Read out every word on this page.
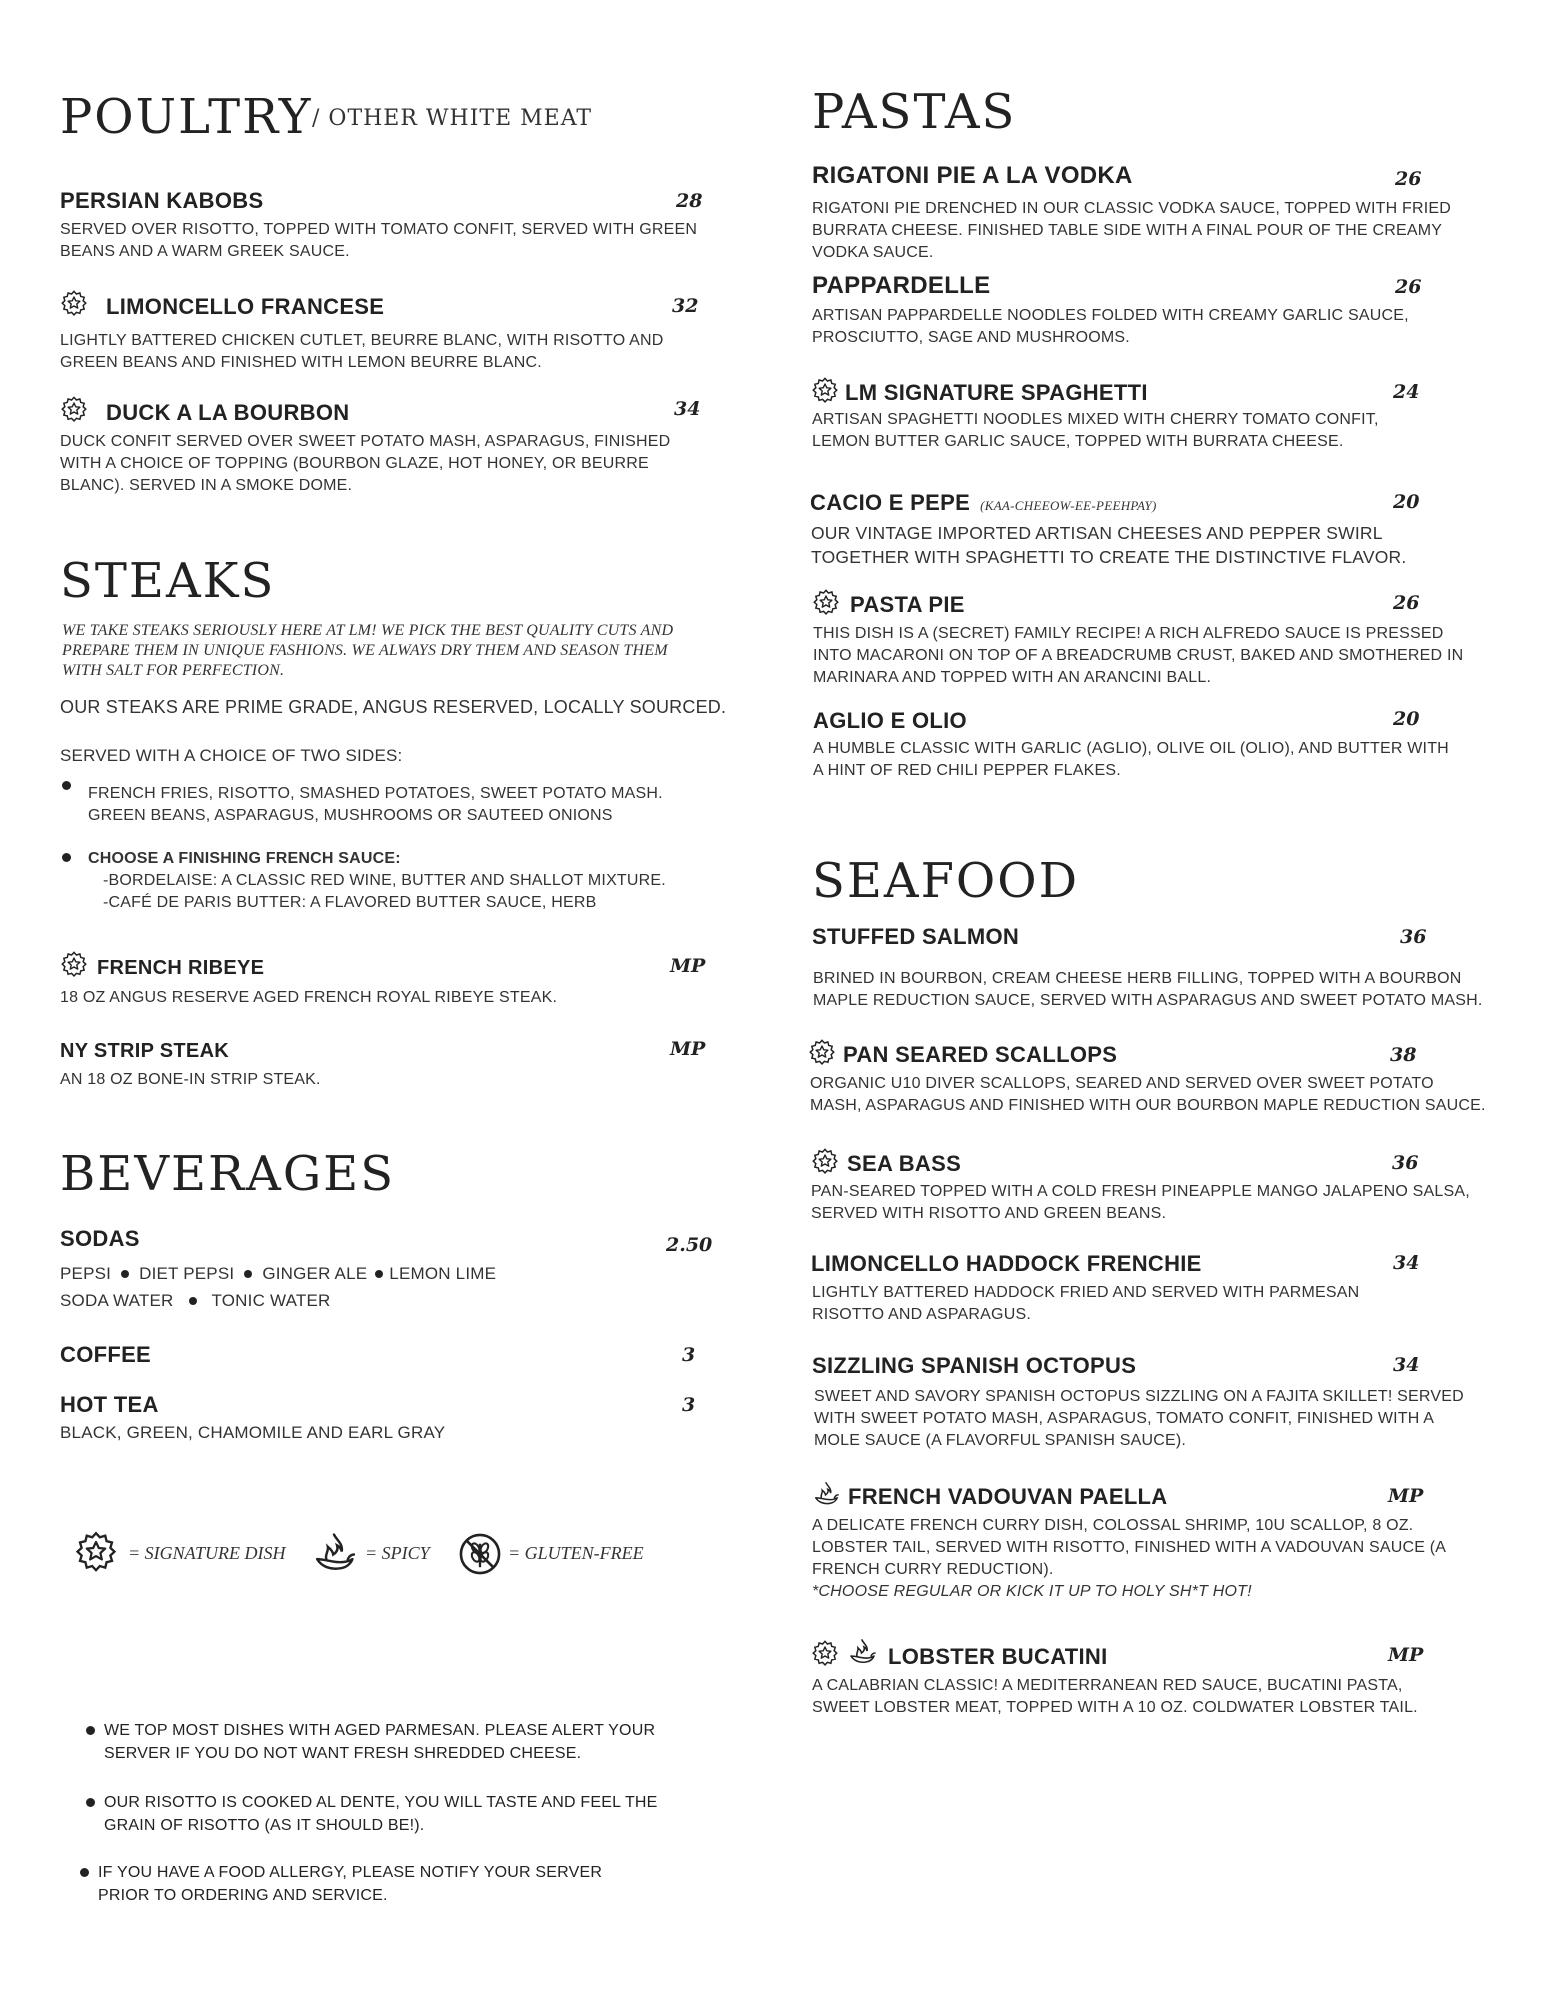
POULTRY / OTHER WHITE MEAT
PERSIAN KABOBS	28
SERVED OVER RISOTTO, TOPPED WITH TOMATO CONFIT, SERVED WITH GREEN BEANS AND A WARM GREEK SAUCE.
LIMONCELLO FRANCESE	32
LIGHTLY BATTERED CHICKEN CUTLET, BEURRE BLANC, WITH RISOTTO AND GREEN BEANS AND FINISHED WITH LEMON BEURRE BLANC.
DUCK A LA BOURBON	34
DUCK CONFIT SERVED OVER SWEET POTATO MASH, ASPARAGUS, FINISHED WITH A CHOICE OF TOPPING (BOURBON GLAZE, HOT HONEY, OR BEURRE BLANC). SERVED IN A SMOKE DOME.
STEAKS
WE TAKE STEAKS SERIOUSLY HERE AT LM! WE PICK THE BEST QUALITY CUTS AND PREPARE THEM IN UNIQUE FASHIONS. WE ALWAYS DRY THEM AND SEASON THEM WITH SALT FOR PERFECTION.
OUR STEAKS ARE PRIME GRADE, ANGUS RESERVED, LOCALLY SOURCED.
SERVED WITH A CHOICE OF TWO SIDES:
FRENCH FRIES, RISOTTO, SMASHED POTATOES, SWEET POTATO MASH. GREEN BEANS, ASPARAGUS, MUSHROOMS OR SAUTEED ONIONS
CHOOSE A FINISHING FRENCH SAUCE:
-BORDELAISE: A CLASSIC RED WINE, BUTTER AND SHALLOT MIXTURE.
-CAFÉ DE PARIS BUTTER: A FLAVORED BUTTER SAUCE, HERB
FRENCH RIBEYE	MP
18 OZ ANGUS RESERVE AGED FRENCH ROYAL RIBEYE STEAK.
NY STRIP STEAK	MP
AN 18 OZ BONE-IN STRIP STEAK.
BEVERAGES
SODAS	2.50
PEPSI DIET PEPSI GINGER ALE LEMON LIME
SODA WATER TONIC WATER
COFFEE	3
HOT TEA	3
BLACK, GREEN, CHAMOMILE AND EARL GRAY
= SIGNATURE DISH	= SPICY	= GLUTEN-FREE
WE TOP MOST DISHES WITH AGED PARMESAN. PLEASE ALERT YOUR SERVER IF YOU DO NOT WANT FRESH SHREDDED CHEESE.
OUR RISOTTO IS COOKED AL DENTE, YOU WILL TASTE AND FEEL THE GRAIN OF RISOTTO (AS IT SHOULD BE!).
IF YOU HAVE A FOOD ALLERGY, PLEASE NOTIFY YOUR SERVER PRIOR TO ORDERING AND SERVICE.
PASTAS
RIGATONI PIE A LA VODKA	26
RIGATONI PIE DRENCHED IN OUR CLASSIC VODKA SAUCE, TOPPED WITH FRIED BURRATA CHEESE. FINISHED TABLE SIDE WITH A FINAL POUR OF THE CREAMY VODKA SAUCE.
PAPPARDELLE	26
ARTISAN PAPPARDELLE NOODLES FOLDED WITH CREAMY GARLIC SAUCE, PROSCIUTTO, SAGE AND MUSHROOMS.
LM SIGNATURE SPAGHETTI	24
ARTISAN SPAGHETTI NOODLES MIXED WITH CHERRY TOMATO CONFIT, LEMON BUTTER GARLIC SAUCE, TOPPED WITH BURRATA CHEESE.
CACIO E PEPE (KAA-CHEEOW-EE-PEEHPAY)	20
OUR VINTAGE IMPORTED ARTISAN CHEESES AND PEPPER SWIRL TOGETHER WITH SPAGHETTI TO CREATE THE DISTINCTIVE FLAVOR.
PASTA PIE	26
THIS DISH IS A (SECRET) FAMILY RECIPE! A RICH ALFREDO SAUCE IS PRESSED INTO MACARONI ON TOP OF A BREADCRUMB CRUST, BAKED AND SMOTHERED IN MARINARA AND TOPPED WITH AN ARANCINI BALL.
AGLIO E OLIO	20
A HUMBLE CLASSIC WITH GARLIC (AGLIO), OLIVE OIL (OLIO), AND BUTTER WITH A HINT OF RED CHILI PEPPER FLAKES.
SEAFOOD
STUFFED SALMON	36
BRINED IN BOURBON, CREAM CHEESE HERB FILLING, TOPPED WITH A BOURBON MAPLE REDUCTION SAUCE, SERVED WITH ASPARAGUS AND SWEET POTATO MASH.
PAN SEARED SCALLOPS	38
ORGANIC U10 DIVER SCALLOPS, SEARED AND SERVED OVER SWEET POTATO MASH, ASPARAGUS AND FINISHED WITH OUR BOURBON MAPLE REDUCTION SAUCE.
SEA BASS	36
PAN-SEARED TOPPED WITH A COLD FRESH PINEAPPLE MANGO JALAPENO SALSA, SERVED WITH RISOTTO AND GREEN BEANS.
LIMONCELLO HADDOCK FRENCHIE	34
LIGHTLY BATTERED HADDOCK FRIED AND SERVED WITH PARMESAN RISOTTO AND ASPARAGUS.
SIZZLING SPANISH OCTOPUS	34
SWEET AND SAVORY SPANISH OCTOPUS SIZZLING ON A FAJITA SKILLET! SERVED WITH SWEET POTATO MASH, ASPARAGUS, TOMATO CONFIT, FINISHED WITH A MOLE SAUCE (A FLAVORFUL SPANISH SAUCE).
FRENCH VADOUVAN PAELLA	MP
A DELICATE FRENCH CURRY DISH, COLOSSAL SHRIMP, 10U SCALLOP, 8 OZ. LOBSTER TAIL, SERVED WITH RISOTTO, FINISHED WITH A VADOUVAN SAUCE (A FRENCH CURRY REDUCTION).
*CHOOSE REGULAR OR KICK IT UP TO HOLY SH*T HOT!
LOBSTER BUCATINI	MP
A CALABRIAN CLASSIC! A MEDITERRANEAN RED SAUCE, BUCATINI PASTA, SWEET LOBSTER MEAT, TOPPED WITH A 10 OZ. COLDWATER LOBSTER TAIL.
